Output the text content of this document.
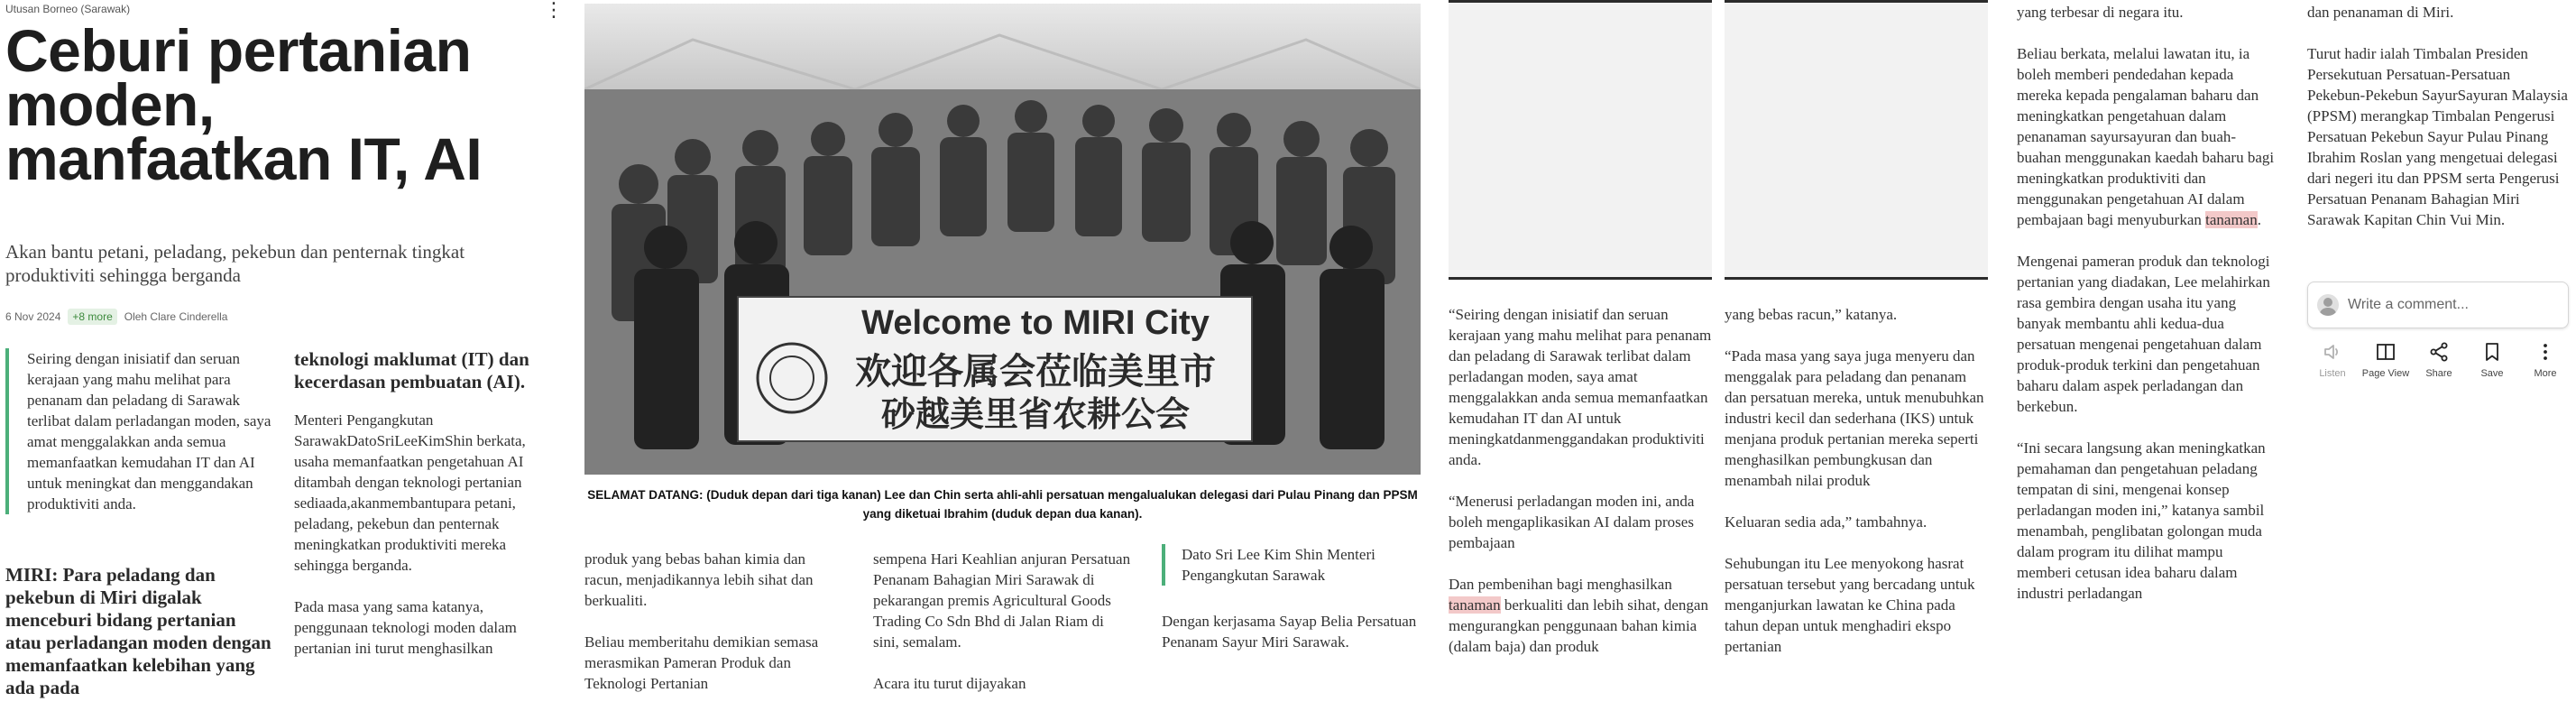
Utusan Borneo (Sarawak)	⋮
Ceburi pertanian moden, manfaatkan IT, AI

Akan bantu petani, peladang, pekebun dan penternak tingkat produktiviti sehingga berganda

6 Nov 2024	+8 more	Oleh Clare Cinderella

Seiring dengan inisiatif dan seruan kerajaan yang mahu melihat para penanam dan peladang di Sarawak terlibat dalam perladangan moden, saya amat menggalakkan anda semua memanfaatkan kemudahan IT dan AI untuk meningkat dan menggandakan produktiviti anda.

MIRI: Para peladang dan pekebun di Miri digalak menceburi bidang pertanian atau perladangan moden dengan memanfaatkan kelebihan yang ada pada

teknologi maklumat (IT) dan kecerdasan pembuatan (AI).

Menteri Pengangkutan SarawakDatoSriLeeKimShin berkata, usaha memanfaatkan pengetahuan AI ditambah dengan teknologi pertanian sediaada,akanmembantupara petani, peladang, pekebun dan penternak meningkatkan produktiviti mereka sehingga berganda.

Pada masa yang sama katanya, penggunaan teknologi moden dalam pertanian ini turut menghasilkan

Welcome to MIRI City
欢迎各属会莅临美里市
砂越美里省农耕公会

SELAMAT DATANG: (Duduk depan dari tiga kanan) Lee dan Chin serta ahli-ahli persatuan mengalualukan delegasi dari Pulau Pinang dan PPSM yang diketuai Ibrahim (duduk depan dua kanan).

produk yang bebas bahan kimia dan racun, menjadikannya lebih sihat dan berkualiti.

Beliau memberitahu demikian semasa merasmikan Pameran Produk dan Teknologi Pertanian

sempena Hari Keahlian anjuran Persatuan Penanam Bahagian Miri Sarawak di pekarangan premis Agricultural Goods Trading Co Sdn Bhd di Jalan Riam di sini, semalam.

Acara itu turut dijayakan

Dato Sri Lee Kim Shin Menteri Pengangkutan Sarawak

Dengan kerjasama Sayap Belia Persatuan Penanam Sayur Miri Sarawak.

“Seiring dengan inisiatif dan seruan kerajaan yang mahu melihat para penanam dan peladang di Sarawak terlibat dalam perladangan moden, saya amat menggalakkan anda semua memanfaatkan kemudahan IT dan AI untuk meningkatdanmenggandakan produktiviti anda.

“Menerusi perladangan moden ini, anda boleh mengaplikasikan AI dalam proses pembajaan

Dan pembenihan bagi menghasilkan tanaman berkualiti dan lebih sihat, dengan mengurangkan penggunaan bahan kimia (dalam baja) dan produk

yang bebas racun,” katanya.

“Pada masa yang saya juga menyeru dan menggalak para peladang dan penanam dan persatuan mereka, untuk menubuhkan industri kecil dan sederhana (IKS) untuk menjana produk pertanian mereka seperti menghasilkan pembungkusan dan menambah nilai produk

Keluaran sedia ada,” tambahnya.

Sehubungan itu Lee menyokong hasrat persatuan tersebut yang bercadang untuk menganjurkan lawatan ke China pada tahun depan untuk menghadiri ekspo pertanian

yang terbesar di negara itu.

Beliau berkata, melalui lawatan itu, ia boleh memberi pendedahan kepada mereka kepada pengalaman baharu dan meningkatkan pengetahuan dalam penanaman sayursayuran dan buah-buahan menggunakan kaedah baharu bagi meningkatkan produktiviti dan menggunakan pengetahuan AI dalam pembajaan bagi menyuburkan tanaman.

Mengenai pameran produk dan teknologi pertanian yang diadakan, Lee melahirkan rasa gembira dengan usaha itu yang banyak membantu ahli kedua-dua persatuan mengenai pengetahuan dalam produk-produk terkini dan pengetahuan baharu dalam aspek perladangan dan berkebun.

“Ini secara langsung akan meningkatkan pemahaman dan pengetahuan peladang tempatan di sini, mengenai konsep perladangan moden ini,” katanya sambil menambah, penglibatan golongan muda dalam program itu dilihat mampu memberi cetusan idea baharu dalam industri perladangan

dan penanaman di Miri.

Turut hadir ialah Timbalan Presiden Persekutuan Persatuan-Persatuan Pekebun-Pekebun SayurSayuran Malaysia (PPSM) merangkap Timbalan Pengerusi Persatuan Pekebun Sayur Pulau Pinang Ibrahim Roslan yang mengetuai delegasi dari negeri itu dan PPSM serta Pengerusi Persatuan Penanam Bahagian Miri Sarawak Kapitan Chin Vui Min.

Write a comment...
Listen Page View Share	Save	More
